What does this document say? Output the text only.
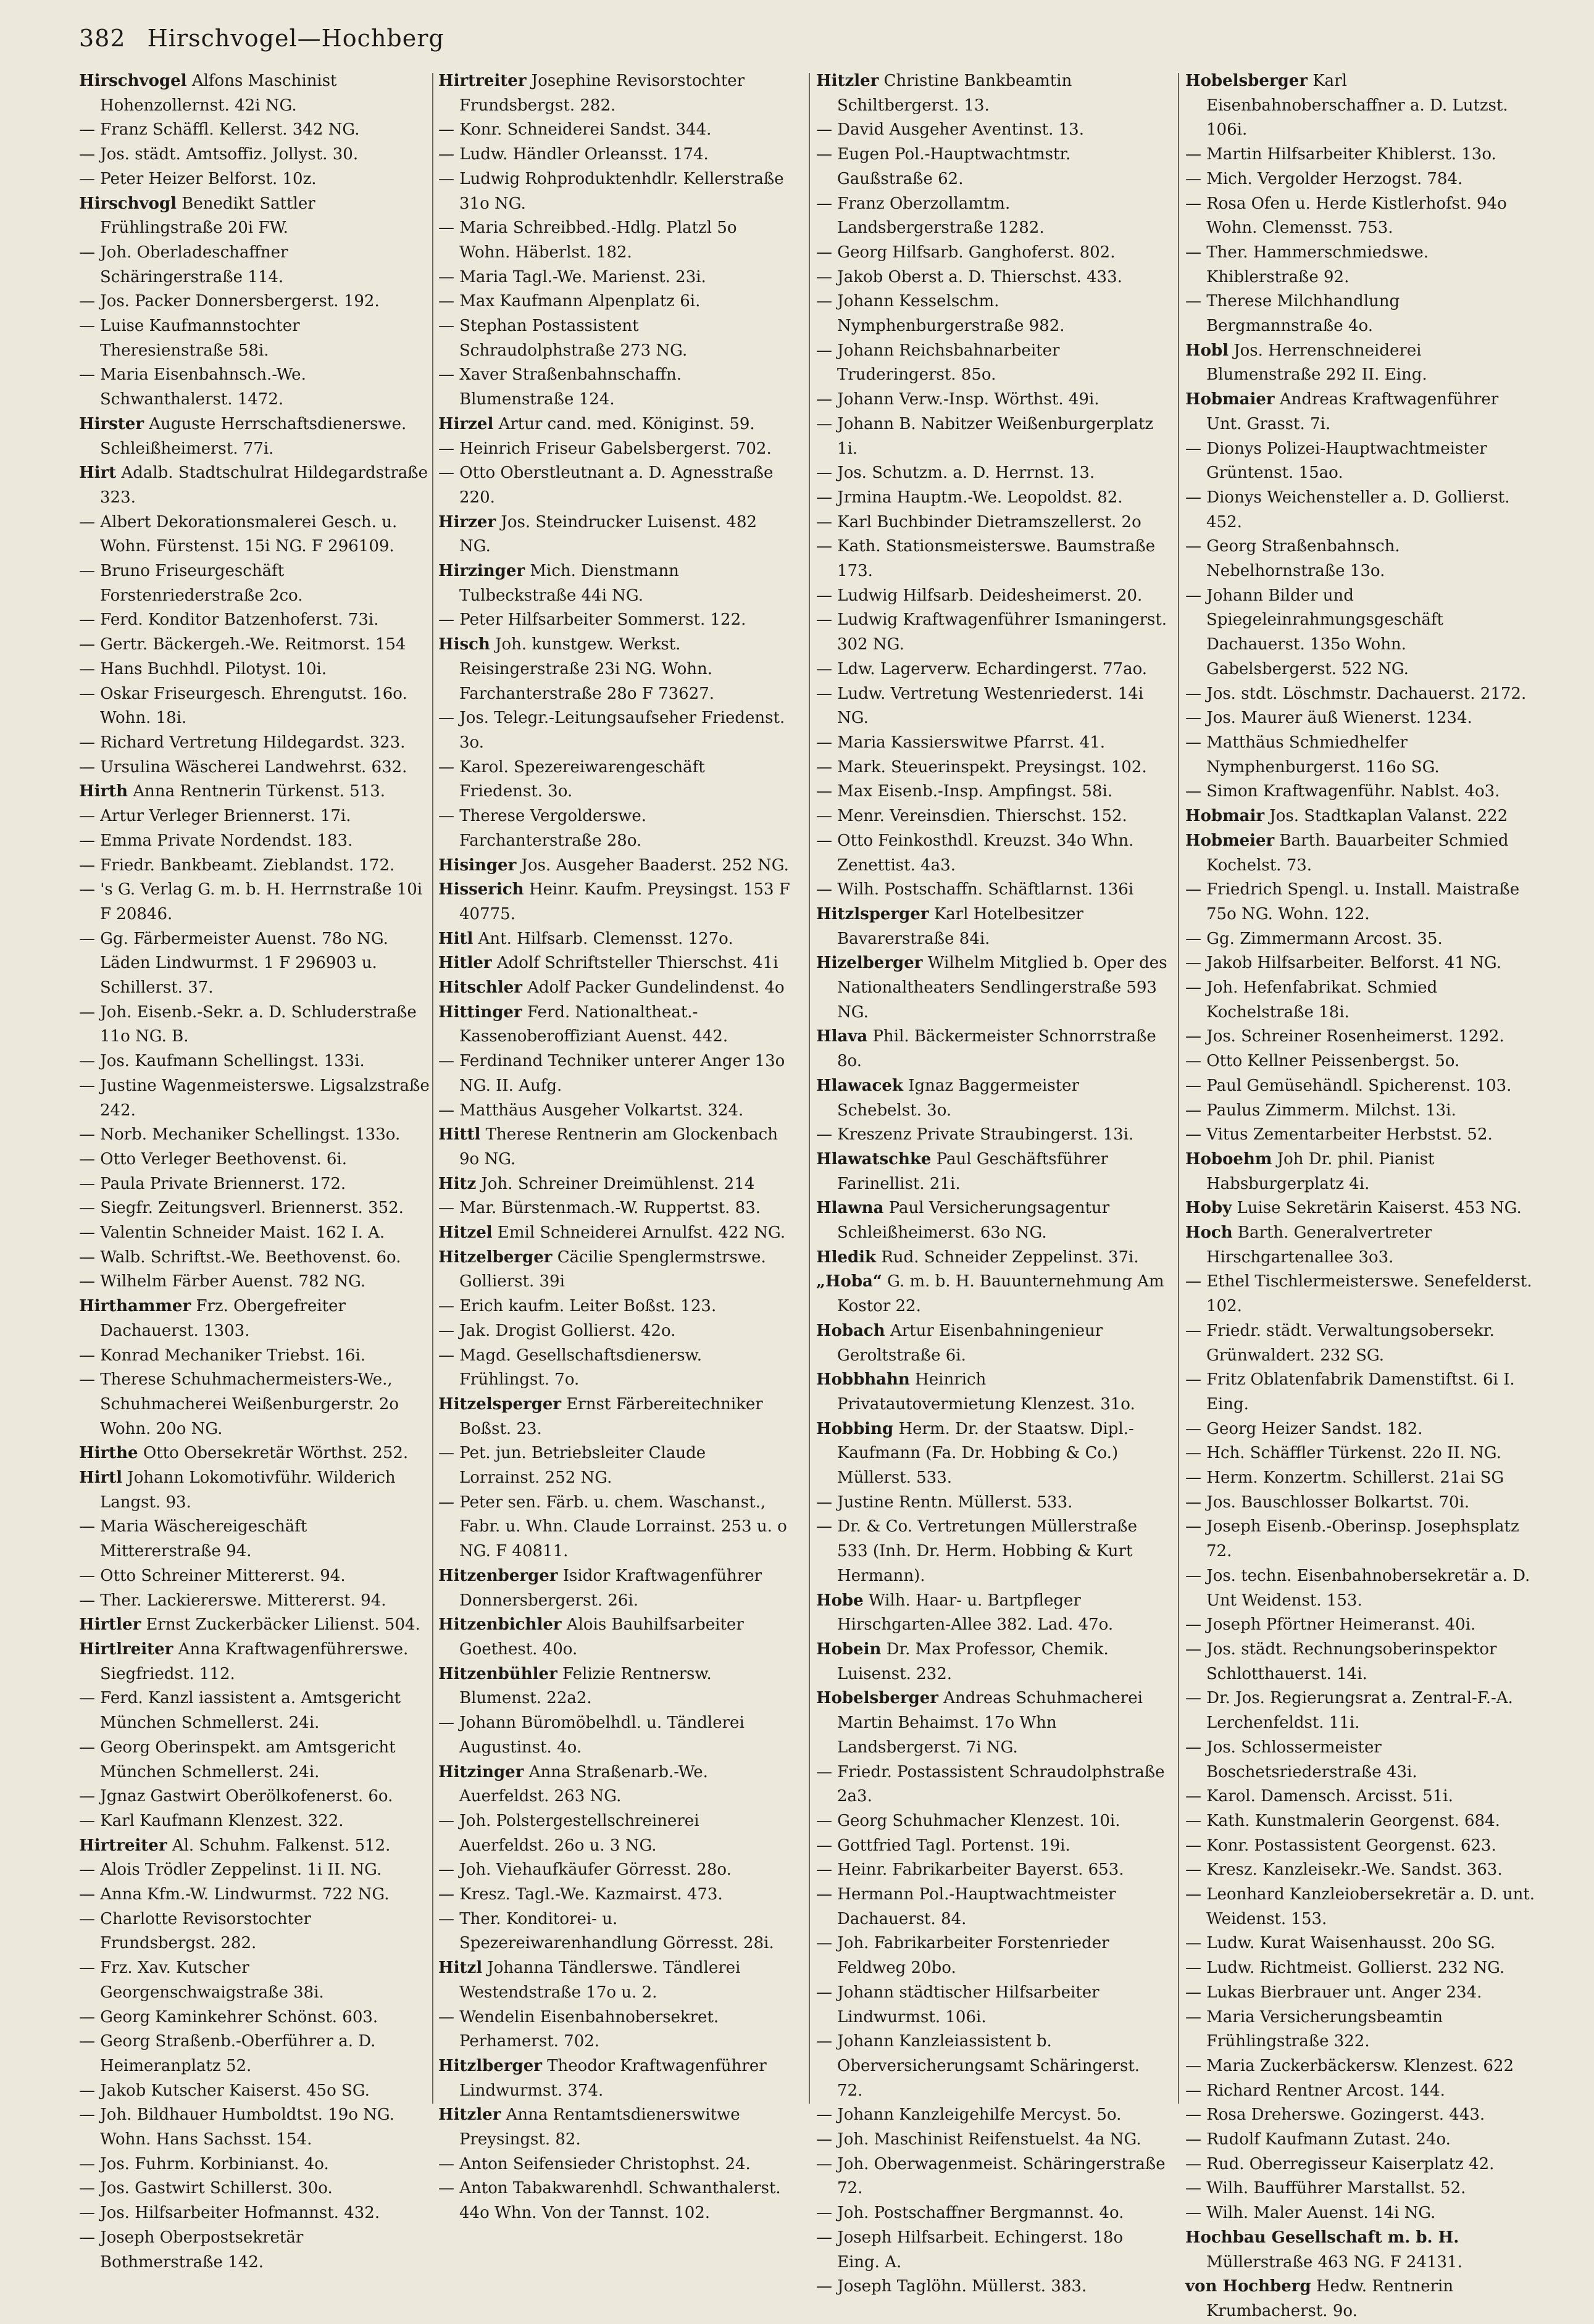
382 Hirschvogel—Hochberg
Hirschvogel Alfons Maschinist Hohenzollernst. 42i NG.
— Franz Schäffl. Kellerst. 342 NG.
— Jos. städt. Amtsoffiz. Jollyst. 30.
— Peter Heizer Belforst. 10z.
Hirschvogl Benedikt Sattler Frühlingstraße 20i FW.
— Joh. Oberladeschaffner Schäringerstraße 114.
— Jos. Packer Donnersbergerst. 192.
— Luise Kaufmannstochter Theresienstraße 58i.
— Maria Eisenbahnsch.-We. Schwanthalerst. 1472.
Hirster Auguste Herrschaftsdienerswe. Schleißheimerst. 77i.
Hirt Adalb. Stadtschulrat Hildegardstraße 323.
— Albert Dekorationsmalerei Gesch. u. Wohn. Fürstenst. 15i NG. F 296109.
— Bruno Friseurgeschäft Forstenriederstraße 2co.
— Ferd. Konditor Batzenhoferst. 73i.
— Gertr. Bäckergeh.-We. Reitmorst. 154
— Hans Buchhdl. Pilotyst. 10i.
— Oskar Friseurgesch. Ehrengutst. 16o. Wohn. 18i.
— Richard Vertretung Hildegardst. 323.
— Ursulina Wäscherei Landwehrst. 632.
Hirth Anna Rentnerin Türkenst. 513.
— Artur Verleger Briennerst. 17i.
— Emma Private Nordendst. 183.
— Friedr. Bankbeamt. Zieblandst. 172.
— 's G. Verlag G. m. b. H. Herrnstraße 10i F 20846.
— Gg. Färbermeister Auenst. 78o NG. Läden Lindwurmst. 1 F 296903 u. Schillerst. 37.
— Joh. Eisenb.-Sekr. a. D. Schluderstraße 11o NG. B.
— Jos. Kaufmann Schellingst. 133i.
— Justine Wagenmeisterswe. Ligsalzstraße 242.
— Norb. Mechaniker Schellingst. 133o.
— Otto Verleger Beethovenst. 6i.
— Paula Private Briennerst. 172.
— Siegfr. Zeitungsverl. Briennerst. 352.
— Valentin Schneider Maist. 162 I. A.
— Walb. Schriftst.-We. Beethovenst. 6o.
— Wilhelm Färber Auenst. 782 NG.
Hirthammer Frz. Obergefreiter Dachauerst. 1303.
— Konrad Mechaniker Triebst. 16i.
— Therese Schuhmachermeisters-We., Schuhmacherei Weißenburgerstr. 2o Wohn. 20o NG.
Hirthe Otto Obersekretär Wörthst. 252.
Hirtl Johann Lokomotivführ. Wilderich Langst. 93.
— Maria Wäschereigeschäft Mittererstraße 94.
— Otto Schreiner Mittererst. 94.
— Ther. Lackiererswe. Mittererst. 94.
Hirtler Ernst Zuckerbäcker Lilienst. 504.
Hirtlreiter Anna Kraftwagenführerswe. Siegfriedst. 112.
— Ferd. Kanzl iassistent a. Amtsgericht München Schmellerst. 24i.
— Georg Oberinspekt. am Amtsgericht München Schmellerst. 24i.
— Jgnaz Gastwirt Oberölkofenerst. 6o.
— Karl Kaufmann Klenzest. 322.
Hirtreiter Al. Schuhm. Falkenst. 512.
— Alois Trödler Zeppelinst. 1i II. NG.
— Anna Kfm.-W. Lindwurmst. 722 NG.
— Charlotte Revisorstochter Frundsbergst. 282.
— Frz. Xav. Kutscher Georgenschwaigstraße 38i.
— Georg Kaminkehrer Schönst. 603.
— Georg Straßenb.-Oberführer a. D. Heimeranplatz 52.
— Jakob Kutscher Kaiserst. 45o SG.
— Joh. Bildhauer Humboldtst. 19o NG. Wohn. Hans Sachsst. 154.
— Jos. Fuhrm. Korbinianst. 4o.
— Jos. Gastwirt Schillerst. 30o.
— Jos. Hilfsarbeiter Hofmannst. 432.
— Joseph Oberpostsekretär Bothmerstraße 142.
Hirtreiter Josephine Revisorstochter Frundsbergst. 282.
— Konr. Schneiderei Sandst. 344.
— Ludw. Händler Orleansst. 174.
— Ludwig Rohproduktenhdlr. Kellerstraße 31o NG.
— Maria Schreibbed.-Hdlg. Platzl 5o Wohn. Häberlst. 182.
— Maria Tagl.-We. Marienst. 23i.
— Max Kaufmann Alpenplatz 6i.
— Stephan Postassistent Schraudolphstraße 273 NG.
— Xaver Straßenbahnschaffn. Blumenstraße 124.
Hirzel Artur cand. med. Königinst. 59.
— Heinrich Friseur Gabelsbergerst. 702.
— Otto Oberstleutnant a. D. Agnesstraße 220.
Hirzer Jos. Steindrucker Luisenst. 482 NG.
Hirzinger Mich. Dienstmann Tulbeckstraße 44i NG.
— Peter Hilfsarbeiter Sommerst. 122.
Hisch Joh. kunstgew. Werkst. Reisingerstraße 23i NG. Wohn. Farchanterstraße 28o F 73627.
— Jos. Telegr.-Leitungsaufseher Friedenst. 3o.
— Karol. Spezereiwarengeschäft Friedenst. 3o.
— Therese Vergolderswe. Farchanterstraße 28o.
Hisinger Jos. Ausgeher Baaderst. 252 NG.
Hisserich Heinr. Kaufm. Preysingst. 153 F 40775.
Hitl Ant. Hilfsarb. Clemensst. 127o.
Hitler Adolf Schriftsteller Thierschst. 41i
Hitschler Adolf Packer Gundelindenst. 4o
Hittinger Ferd. Nationaltheat.-Kassenoberoffiziant Auenst. 442.
— Ferdinand Techniker unterer Anger 13o NG. II. Aufg.
— Matthäus Ausgeher Volkartst. 324.
Hittl Therese Rentnerin am Glockenbach 9o NG.
Hitz Joh. Schreiner Dreimühlenst. 214
— Mar. Bürstenmach.-W. Ruppertst. 83.
Hitzel Emil Schneiderei Arnulfst. 422 NG.
Hitzelberger Cäcilie Spenglermstrswe. Gollierst. 39i
— Erich kaufm. Leiter Boßst. 123.
— Jak. Drogist Gollierst. 42o.
— Magd. Gesellschaftsdienersw. Frühlingst. 7o.
Hitzelsperger Ernst Färbereitechniker Boßst. 23.
— Pet. jun. Betriebsleiter Claude Lorrainst. 252 NG.
— Peter sen. Färb. u. chem. Waschanst., Fabr. u. Whn. Claude Lorrainst. 253 u. o NG. F 40811.
Hitzenberger Isidor Kraftwagenführer Donnersbergerst. 26i.
Hitzenbichler Alois Bauhilfsarbeiter Goethest. 40o.
Hitzenbühler Felizie Rentnersw. Blumenst. 22a2.
— Johann Büromöbelhdl. u. Tändlerei Augustinst. 4o.
Hitzinger Anna Straßenarb.-We. Auerfeldst. 263 NG.
— Joh. Polstergestellschreinerei Auerfeldst. 26o u. 3 NG.
— Joh. Viehaufkäufer Görresst. 28o.
— Kresz. Tagl.-We. Kazmairst. 473.
— Ther. Konditorei- u. Spezereiwarenhandlung Görresst. 28i.
Hitzl Johanna Tändlerswe. Tändlerei Westendstraße 17o u. 2.
— Wendelin Eisenbahnobersekret. Perhamerst. 702.
Hitzlberger Theodor Kraftwagenführer Lindwurmst. 374.
Hitzler Anna Rentamtsdienerswitwe Preysingst. 82.
— Anton Seifensieder Christophst. 24.
— Anton Tabakwarenhdl. Schwanthalerst. 44o Whn. Von der Tannst. 102.
Hitzler Christine Bankbeamtin Schiltbergerst. 13.
— David Ausgeher Aventinst. 13.
— Eugen Pol.-Hauptwachtmstr. Gaußstraße 62.
— Franz Oberzollamtm. Landsbergerstraße 1282.
— Georg Hilfsarb. Ganghoferst. 802.
— Jakob Oberst a. D. Thierschst. 433.
— Johann Kesselschm. Nymphenburgerstraße 982.
— Johann Reichsbahnarbeiter Truderingerst. 85o.
— Johann Verw.-Insp. Wörthst. 49i.
— Johann B. Nabitzer Weißenburgerplatz 1i.
— Jos. Schutzm. a. D. Herrnst. 13.
— Jrmina Hauptm.-We. Leopoldst. 82.
— Karl Buchbinder Dietramszellerst. 2o
— Kath. Stationsmeisterswe. Baumstraße 173.
— Ludwig Hilfsarb. Deidesheimerst. 20.
— Ludwig Kraftwagenführer Ismaningerst. 302 NG.
— Ldw. Lagerverw. Echardingerst. 77ao.
— Ludw. Vertretung Westenriederst. 14i NG.
— Maria Kassierswitwe Pfarrst. 41.
— Mark. Steuerinspekt. Preysingst. 102.
— Max Eisenb.-Insp. Ampfingst. 58i.
— Menr. Vereinsdien. Thierschst. 152.
— Otto Feinkosthdl. Kreuzst. 34o Whn. Zenettist. 4a3.
— Wilh. Postschaffn. Schäftlarnst. 136i
Hitzlsperger Karl Hotelbesitzer Bavarerstraße 84i.
Hizelberger Wilhelm Mitglied b. Oper des Nationaltheaters Sendlingerstraße 593 NG.
Hlava Phil. Bäckermeister Schnorrstraße 8o.
Hlawacek Ignaz Baggermeister Schebelst. 3o.
— Kreszenz Private Straubingerst. 13i.
Hlawatschke Paul Geschäftsführer Farinellist. 21i.
Hlawna Paul Versicherungsagentur Schleißheimerst. 63o NG.
Hledik Rud. Schneider Zeppelinst. 37i.
„Hoba“ G. m. b. H. Bauunternehmung Am Kostor 22.
Hobach Artur Eisenbahningenieur Geroltstraße 6i.
Hobbhahn Heinrich Privatautovermietung Klenzest. 31o.
Hobbing Herm. Dr. der Staatsw. Dipl.-Kaufmann (Fa. Dr. Hobbing & Co.) Müllerst. 533.
— Justine Rentn. Müllerst. 533.
— Dr. & Co. Vertretungen Müllerstraße 533 (Inh. Dr. Herm. Hobbing & Kurt Hermann).
Hobe Wilh. Haar- u. Bartpfleger Hirschgarten-Allee 382. Lad. 47o.
Hobein Dr. Max Professor, Chemik. Luisenst. 232.
Hobelsberger Andreas Schuhmacherei Martin Behaimst. 17o Whn Landsbergerst. 7i NG.
— Friedr. Postassistent Schraudolphstraße 2a3.
— Georg Schuhmacher Klenzest. 10i.
— Gottfried Tagl. Portenst. 19i.
— Heinr. Fabrikarbeiter Bayerst. 653.
— Hermann Pol.-Hauptwachtmeister Dachauerst. 84.
— Joh. Fabrikarbeiter Forstenrieder Feldweg 20bo.
— Johann städtischer Hilfsarbeiter Lindwurmst. 106i.
— Johann Kanzleiassistent b. Oberversicherungsamt Schäringerst. 72.
— Johann Kanzleigehilfe Mercyst. 5o.
— Joh. Maschinist Reifenstuelst. 4a NG.
— Joh. Oberwagenmeist. Schäringerstraße 72.
— Joh. Postschaffner Bergmannst. 4o.
— Joseph Hilfsarbeit. Echingerst. 18o Eing. A.
— Joseph Taglöhn. Müllerst. 383.
Hobelsberger Karl Eisenbahnoberschaffner a. D. Lutzst. 106i.
— Martin Hilfsarbeiter Khiblerst. 13o.
— Mich. Vergolder Herzogst. 784.
— Rosa Ofen u. Herde Kistlerhofst. 94o Wohn. Clemensst. 753.
— Ther. Hammerschmiedswe. Khiblerstraße 92.
— Therese Milchhandlung Bergmannstraße 4o.
Hobl Jos. Herrenschneiderei Blumenstraße 292 II. Eing.
Hobmaier Andreas Kraftwagenführer Unt. Grasst. 7i.
— Dionys Polizei-Hauptwachtmeister Grüntenst. 15ao.
— Dionys Weichensteller a. D. Gollierst. 452.
— Georg Straßenbahnsch. Nebelhornstraße 13o.
— Johann Bilder und Spiegeleinrahmungsgeschäft Dachauerst. 135o Wohn. Gabelsbergerst. 522 NG.
— Jos. stdt. Löschmstr. Dachauerst. 2172.
— Jos. Maurer äuß Wienerst. 1234.
— Matthäus Schmiedhelfer Nymphenburgerst. 116o SG.
— Simon Kraftwagenführ. Nablst. 4o3.
Hobmair Jos. Stadtkaplan Valanst. 222
Hobmeier Barth. Bauarbeiter Schmied Kochelst. 73.
— Friedrich Spengl. u. Install. Maistraße 75o NG. Wohn. 122.
— Gg. Zimmermann Arcost. 35.
— Jakob Hilfsarbeiter. Belforst. 41 NG.
— Joh. Hefenfabrikat. Schmied Kochelstraße 18i.
— Jos. Schreiner Rosenheimerst. 1292.
— Otto Kellner Peissenbergst. 5o.
— Paul Gemüsehändl. Spicherenst. 103.
— Paulus Zimmerm. Milchst. 13i.
— Vitus Zementarbeiter Herbstst. 52.
Hoboehm Joh Dr. phil. Pianist Habsburgerplatz 4i.
Hoby Luise Sekretärin Kaiserst. 453 NG.
Hoch Barth. Generalvertreter Hirschgartenallee 3o3.
— Ethel Tischlermeisterswe. Senefelderst. 102.
— Friedr. städt. Verwaltungsobersekr. Grünwaldert. 232 SG.
— Fritz Oblatenfabrik Damenstiftst. 6i I. Eing.
— Georg Heizer Sandst. 182.
— Hch. Schäffler Türkenst. 22o II. NG.
— Herm. Konzertm. Schillerst. 21ai SG
— Jos. Bauschlosser Bolkartst. 70i.
— Joseph Eisenb.-Oberinsp. Josephsplatz 72.
— Jos. techn. Eisenbahnobersekretär a. D. Unt Weidenst. 153.
— Joseph Pförtner Heimeranst. 40i.
— Jos. städt. Rechnungsoberinspektor Schlotthauerst. 14i.
— Dr. Jos. Regierungsrat a. Zentral-F.-A. Lerchenfeldst. 11i.
— Jos. Schlossermeister Boschetsriederstraße 43i.
— Karol. Damensch. Arcisst. 51i.
— Kath. Kunstmalerin Georgenst. 684.
— Konr. Postassistent Georgenst. 623.
— Kresz. Kanzleisekr.-We. Sandst. 363.
— Leonhard Kanzleiobersekretär a. D. unt. Weidenst. 153.
— Ludw. Kurat Waisenhausst. 20o SG.
— Ludw. Richtmeist. Gollierst. 232 NG.
— Lukas Bierbrauer unt. Anger 234.
— Maria Versicherungsbeamtin Frühlingstraße 322.
— Maria Zuckerbäckersw. Klenzest. 622
— Richard Rentner Arcost. 144.
— Rosa Dreherswe. Gozingerst. 443.
— Rudolf Kaufmann Zutast. 24o.
— Rud. Oberregisseur Kaiserplatz 42.
— Wilh. Baufführer Marstallst. 52.
— Wilh. Maler Auenst. 14i NG.
Hochbau Gesellschaft m. b. H. Müllerstraße 463 NG. F 24131.
von Hochberg Hedw. Rentnerin Krumbacherst. 9o.
